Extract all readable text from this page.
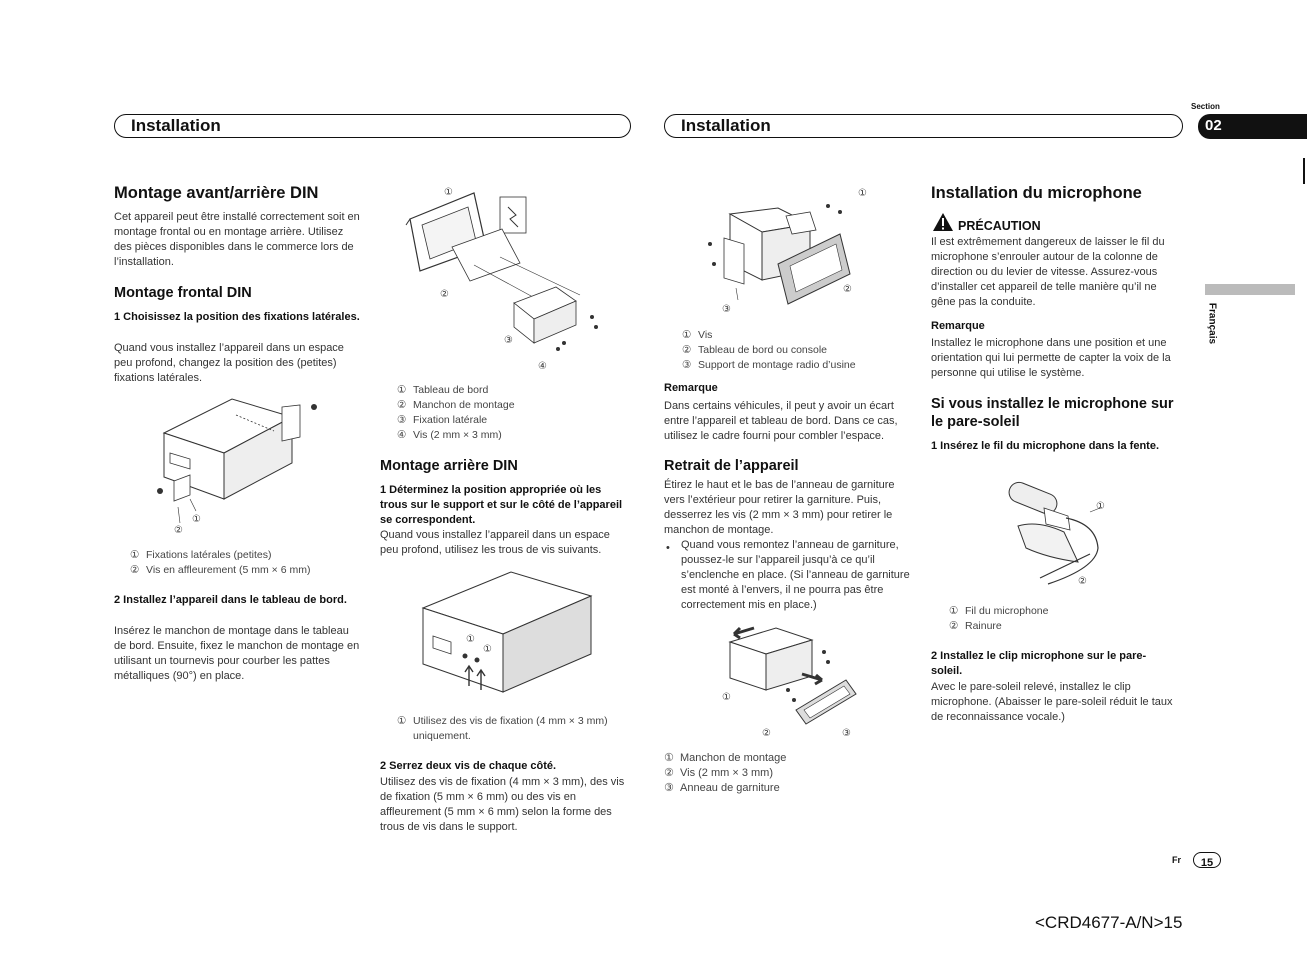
Installation	Installation
Section
02
Français
Montage avant/arrière DIN
Cet appareil peut être installé correctement soit en montage frontal ou en montage arrière. Utilisez des pièces disponibles dans le commerce lors de l’installation.
Montage frontal DIN
1 Choisissez la position des fixations latérales.
Quand vous installez l’appareil dans un espace peu profond, changez la position des (petites) fixations latérales.
①
②
① Fixations latérales (petites)
② Vis en affleurement (5 mm × 6 mm)
2 Installez l’appareil dans le tableau de bord.
Insérez le manchon de montage dans le tableau de bord. Ensuite, fixez le manchon de montage en utilisant un tournevis pour courber les pattes métalliques (90°) en place.
①
②
③
④
① Tableau de bord
② Manchon de montage
③ Fixation latérale
④ Vis (2 mm × 3 mm)
Montage arrière DIN
1 Déterminez la position appropriée où les trous sur le support et sur le côté de l’appareil se correspondent.
Quand vous installez l’appareil dans un espace peu profond, utilisez les trous de vis suivants.
①
①
① Utilisez des vis de fixation (4 mm × 3 mm) uniquement.
2 Serrez deux vis de chaque côté.
Utilisez des vis de fixation (4 mm × 3 mm), des vis de fixation (5 mm × 6 mm) ou des vis en affleurement (5 mm × 6 mm) selon la forme des trous de vis dans le support.
①
②
③
① Vis
② Tableau de bord ou console
③ Support de montage radio d’usine
Remarque
Dans certains véhicules, il peut y avoir un écart entre l’appareil et tableau de bord. Dans ce cas, utilisez le cadre fourni pour combler l’espace.
Retrait de l’appareil
Étirez le haut et le bas de l’anneau de garniture vers l’extérieur pour retirer la garniture. Puis, desserrez les vis (2 mm × 3 mm) pour retirer le manchon de montage.
• Quand vous remontez l’anneau de garniture, poussez-le sur l’appareil jusqu’à ce qu’il s’enclenche en place. (Si l’anneau de garniture est monté à l’envers, il ne pourra pas être correctement mis en place.)
①
②	③
① Manchon de montage
② Vis (2 mm × 3 mm)
③ Anneau de garniture
Installation du microphone
PRÉCAUTION
Il est extrêmement dangereux de laisser le fil du microphone s’enrouler autour de la colonne de direction ou du levier de vitesse. Assurez-vous d’installer cet appareil de telle manière qu’il ne gêne pas la conduite.
Remarque
Installez le microphone dans une position et une orientation qui lui permette de capter la voix de la personne qui utilise le système.
Si vous installez le microphone sur le pare-soleil
1 Insérez le fil du microphone dans la fente.
①
②
① Fil du microphone
② Rainure
2 Installez le clip microphone sur le pare-soleil.
Avec le pare-soleil relevé, installez le clip microphone. (Abaisser le pare-soleil réduit le taux de reconnaissance vocale.)
Fr	15
<CRD4677-A/N>15
